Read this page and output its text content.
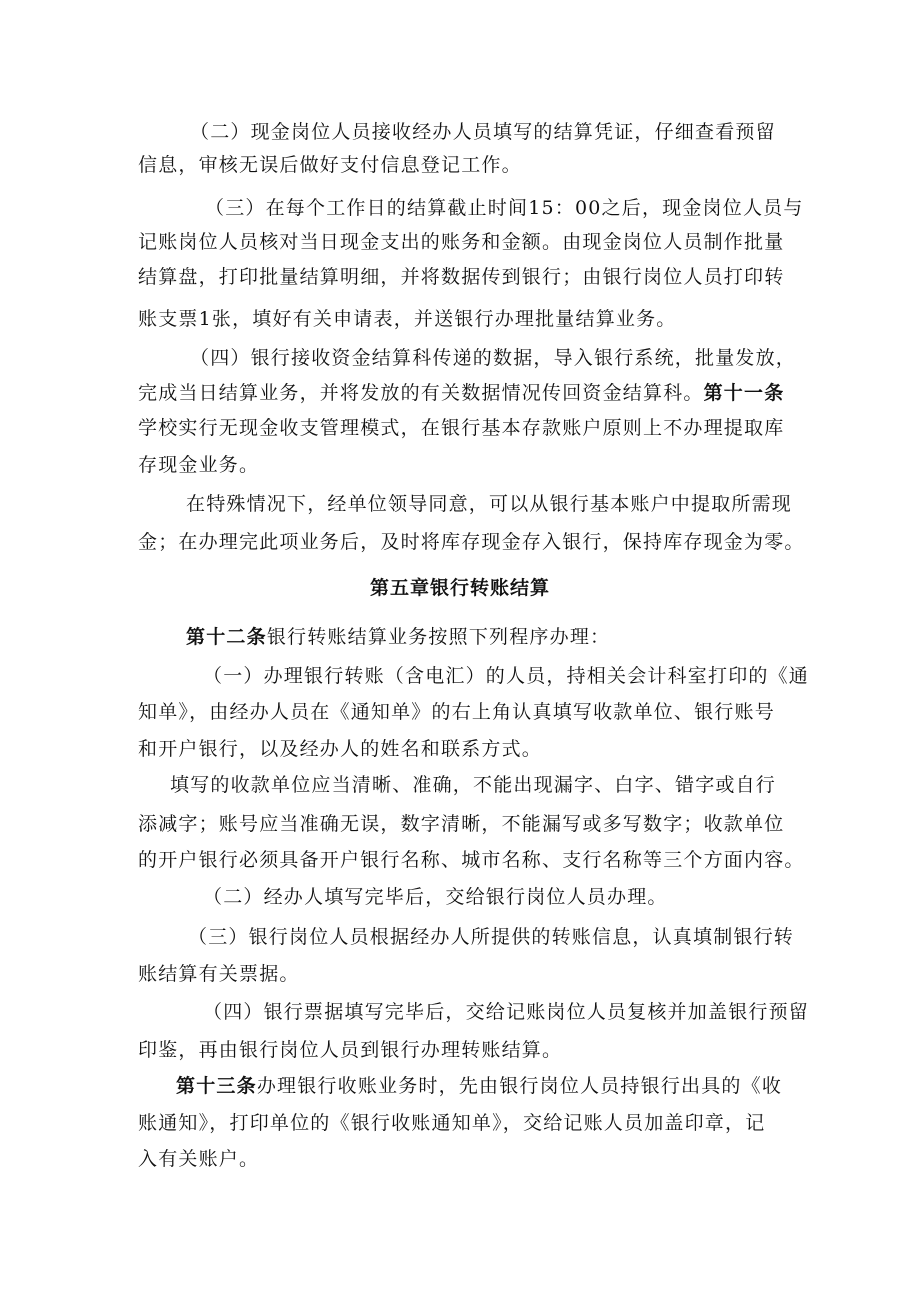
（二）现金岗位人员接收经办人员填写的结算凭证，仔细查看预留
信息，审核无误后做好支付信息登记工作。
（三）在每个工作日的结算截止时间15：00之后，现金岗位人员与
记账岗位人员核对当日现金支出的账务和金额。由现金岗位人员制作批量
结算盘，打印批量结算明细，并将数据传到银行；由银行岗位人员打印转
账支票1张，填好有关申请表，并送银行办理批量结算业务。
（四）银行接收资金结算科传递的数据，导入银行系统，批量发放，
完成当日结算业务，并将发放的有关数据情况传回资金结算科。第十一条
学校实行无现金收支管理模式，在银行基本存款账户原则上不办理提取库
存现金业务。
在特殊情况下，经单位领导同意，可以从银行基本账户中提取所需现
金；在办理完此项业务后，及时将库存现金存入银行，保持库存现金为零。
第五章银行转账结算
第十二条银行转账结算业务按照下列程序办理：
（一）办理银行转账（含电汇）的人员，持相关会计科室打印的《通
知单》，由经办人员在《通知单》的右上角认真填写收款单位、银行账号
和开户银行，以及经办人的姓名和联系方式。
填写的收款单位应当清晰、准确，不能出现漏字、白字、错字或自行
添减字；账号应当准确无误，数字清晰，不能漏写或多写数字；收款单位
的开户银行必须具备开户银行名称、城市名称、支行名称等三个方面内容。
（二）经办人填写完毕后，交给银行岗位人员办理。
（三）银行岗位人员根据经办人所提供的转账信息，认真填制银行转
账结算有关票据。
（四）银行票据填写完毕后，交给记账岗位人员复核并加盖银行预留
印鉴，再由银行岗位人员到银行办理转账结算。
第十三条办理银行收账业务时，先由银行岗位人员持银行出具的《收
账通知》，打印单位的《银行收账通知单》，交给记账人员加盖印章，记
入有关账户。
